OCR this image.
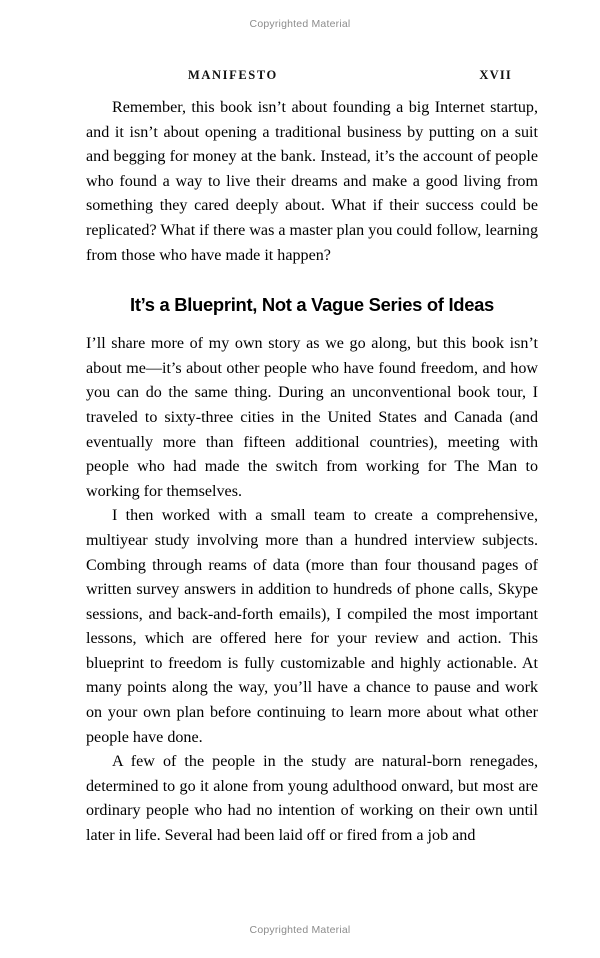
Copyrighted Material
MANIFESTO	XVII

Remember, this book isn’t about founding a big Internet startup, and it isn’t about opening a traditional business by putting on a suit and begging for money at the bank. Instead, it’s the account of people who found a way to live their dreams and make a good living from something they cared deeply about. What if their success could be replicated? What if there was a master plan you could follow, learning from those who have made it happen?

It’s a Blueprint, Not a Vague Series of Ideas

I’ll share more of my own story as we go along, but this book isn’t about me—it’s about other people who have found freedom, and how you can do the same thing. During an unconventional book tour, I traveled to sixty-three cities in the United States and Canada (and eventually more than fifteen additional countries), meeting with people who had made the switch from working for The Man to working for themselves.

I then worked with a small team to create a comprehensive, multiyear study involving more than a hundred interview subjects. Combing through reams of data (more than four thousand pages of written survey answers in addition to hundreds of phone calls, Skype sessions, and back-and-forth emails), I compiled the most important lessons, which are offered here for your review and action. This blueprint to freedom is fully customizable and highly actionable. At many points along the way, you’ll have a chance to pause and work on your own plan before continuing to learn more about what other people have done.

A few of the people in the study are natural-born renegades, determined to go it alone from young adulthood onward, but most are ordinary people who had no intention of working on their own until later in life. Several had been laid off or fired from a job and

Copyrighted Material
